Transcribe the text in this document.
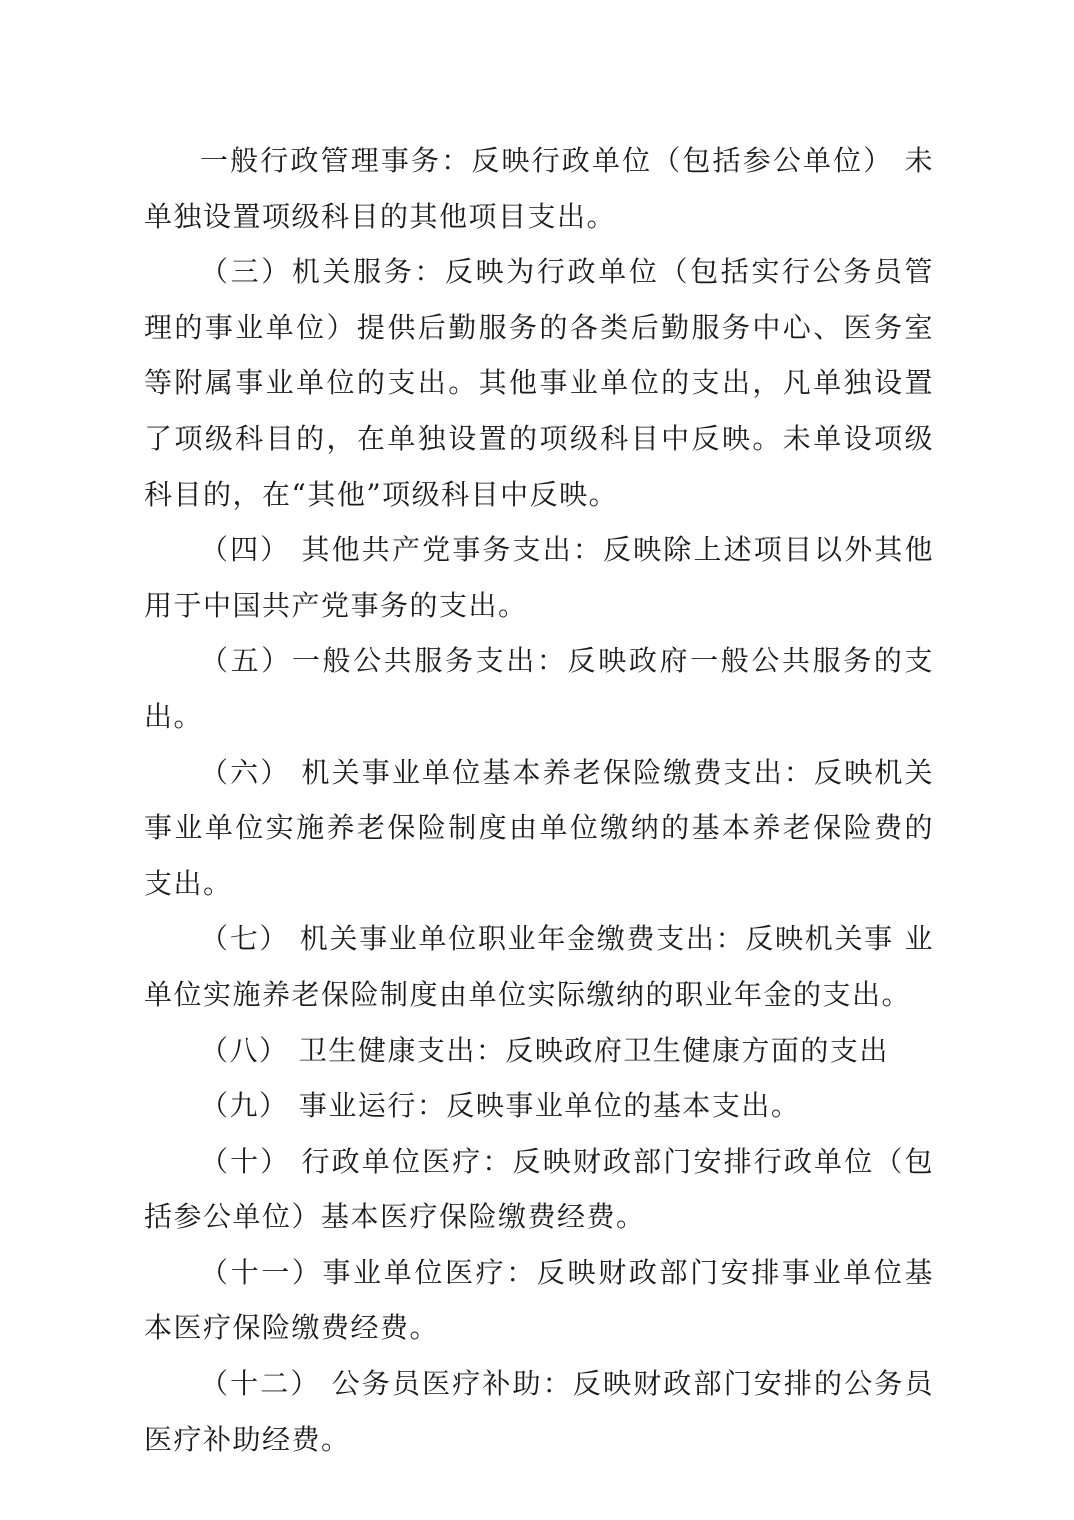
一般行政管理事务：反映行政单位（包括参公单位） 未单独设置项级科目的其他项目支出。

（三）机关服务：反映为行政单位（包括实行公务员管理的事业单位）提供后勤服务的各类后勤服务中心、医务室等附属事业单位的支出。其他事业单位的支出，凡单独设置了项级科目的，在单独设置的项级科目中反映。未单设项级科目的，在“其他”项级科目中反映。

（四） 其他共产党事务支出：反映除上述项目以外其他用于中国共产党事务的支出。

（五）一般公共服务支出：反映政府一般公共服务的支出。

（六） 机关事业单位基本养老保险缴费支出：反映机关事业单位实施养老保险制度由单位缴纳的基本养老保险费的支出。

（七） 机关事业单位职业年金缴费支出：反映机关事 业单位实施养老保险制度由单位实际缴纳的职业年金的支出。

（八） 卫生健康支出：反映政府卫生健康方面的支出

（九） 事业运行：反映事业单位的基本支出。

（十） 行政单位医疗：反映财政部门安排行政单位（包括参公单位）基本医疗保险缴费经费。

（十一）事业单位医疗：反映财政部门安排事业单位基本医疗保险缴费经费。

（十二） 公务员医疗补助：反映财政部门安排的公务员医疗补助经费。
